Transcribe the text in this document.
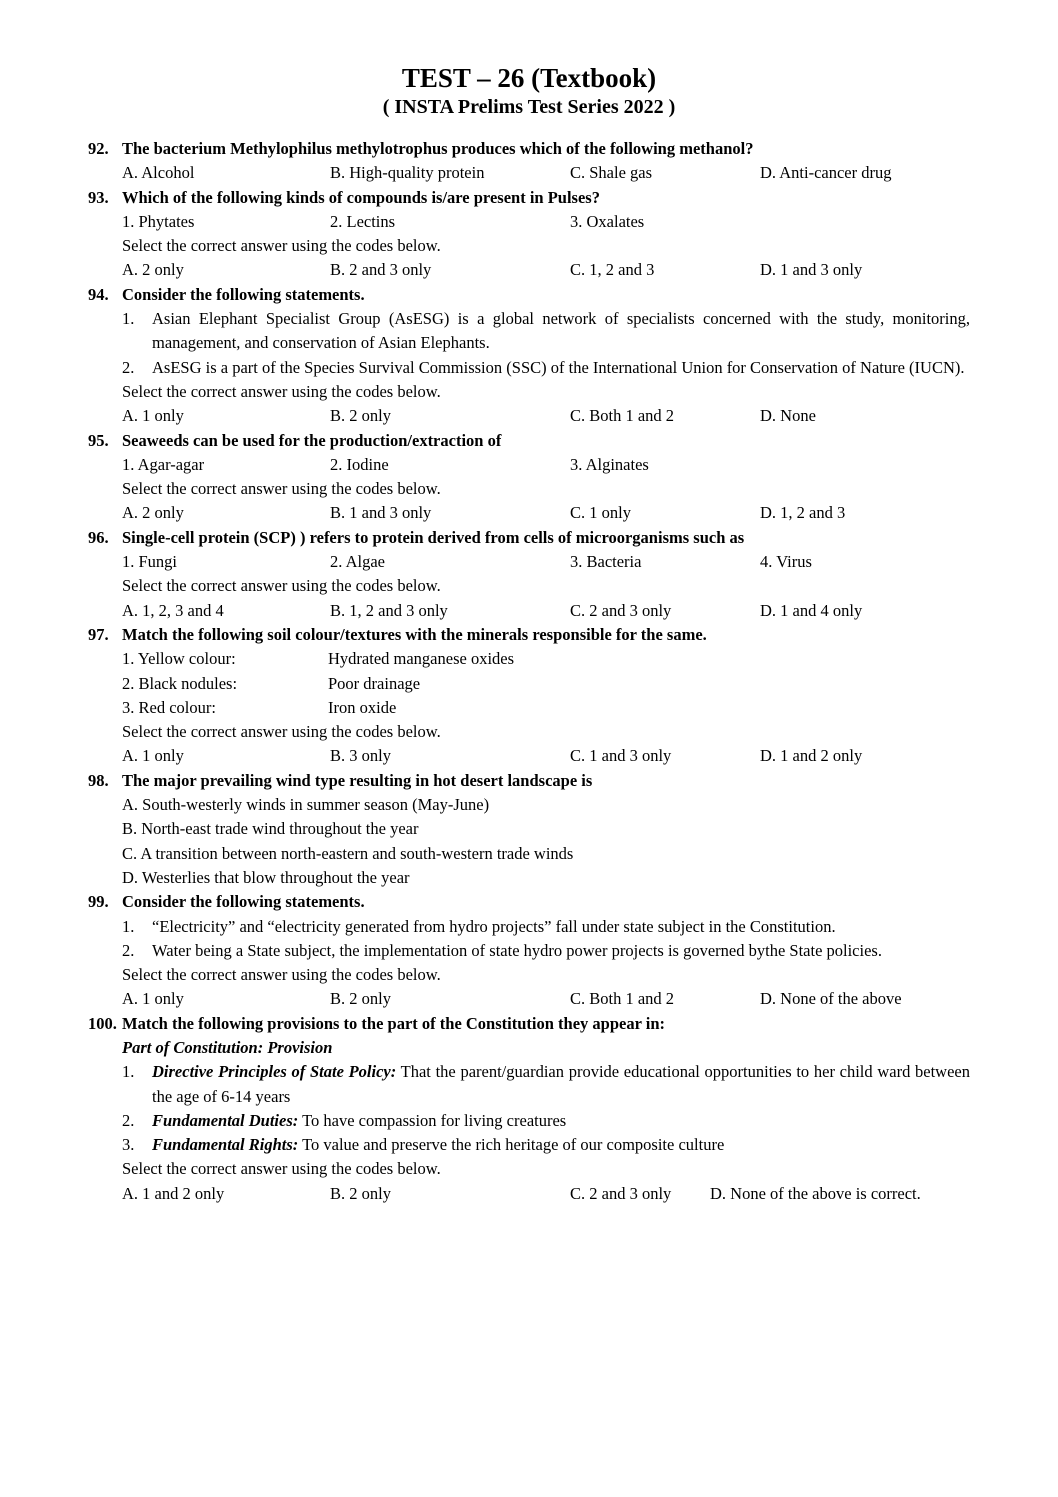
TEST – 26 (Textbook)

( INSTA Prelims Test Series 2022 )

92. The bacterium Methylophilus methylotrophus produces which of the following methanol?

A. Alcohol	B. High-quality protein	C. Shale gas	D. Anti-cancer drug

93. Which of the following kinds of compounds is/are present in Pulses?

1. Phytates	2. Lectins	3. Oxalates

Select the correct answer using the codes below.

A. 2 only	B. 2 and 3 only	C. 1, 2 and 3	D. 1 and 3 only

94. Consider the following statements.

1.	Asian Elephant Specialist Group (AsESG) is a global network of specialists concerned with the study, monitoring, management, and conservation of Asian Elephants.
2.	AsESG is a part of the Species Survival Commission (SSC) of the International Union for Conservation of Nature (IUCN).

Select the correct answer using the codes below.

A. 1 only	B. 2 only	C. Both 1 and 2	D. None

95. Seaweeds can be used for the production/extraction of

1. Agar-agar	2. Iodine	3. Alginates

Select the correct answer using the codes below.

A. 2 only	B. 1 and 3 only	C. 1 only	D. 1, 2 and 3

96. Single-cell protein (SCP) ) refers to protein derived from cells of microorganisms such as

1. Fungi	2. Algae	3. Bacteria	4. Virus

Select the correct answer using the codes below.

A. 1, 2, 3 and 4	B. 1, 2 and 3 only	C. 2 and 3 only	D. 1 and 4 only

97. Match the following soil colour/textures with the minerals responsible for the same.

1. Yellow colour:	Hydrated manganese oxides
2. Black nodules:	Poor drainage
3. Red colour:	Iron oxide

Select the correct answer using the codes below.

A. 1 only	B. 3 only	C. 1 and 3 only	D. 1 and 2 only

98. The major prevailing wind type resulting in hot desert landscape is

A. South-westerly winds in summer season (May-June)

B. North-east trade wind throughout the year

C. A transition between north-eastern and south-western trade winds

D. Westerlies that blow throughout the year

99. Consider the following statements.

1.	“Electricity” and “electricity generated from hydro projects” fall under state subject in the Constitution.
2.	Water being a State subject, the implementation of state hydro power projects is governed bythe State policies.

Select the correct answer using the codes below.

A. 1 only	B. 2 only	C. Both 1 and 2	D. None of the above

100. Match the following provisions to the part of the Constitution they appear in:

Part of Constitution: Provision

1.	Directive Principles of State Policy: That the parent/guardian provide educational opportunities to her child ward between the age of 6-14 years
2.	Fundamental Duties: To have compassion for living creatures
3.	Fundamental Rights: To value and preserve the rich heritage of our composite culture

Select the correct answer using the codes below.

A. 1 and 2 only	B. 2 only	C. 2 and 3 only	D. None of the above is correct.
